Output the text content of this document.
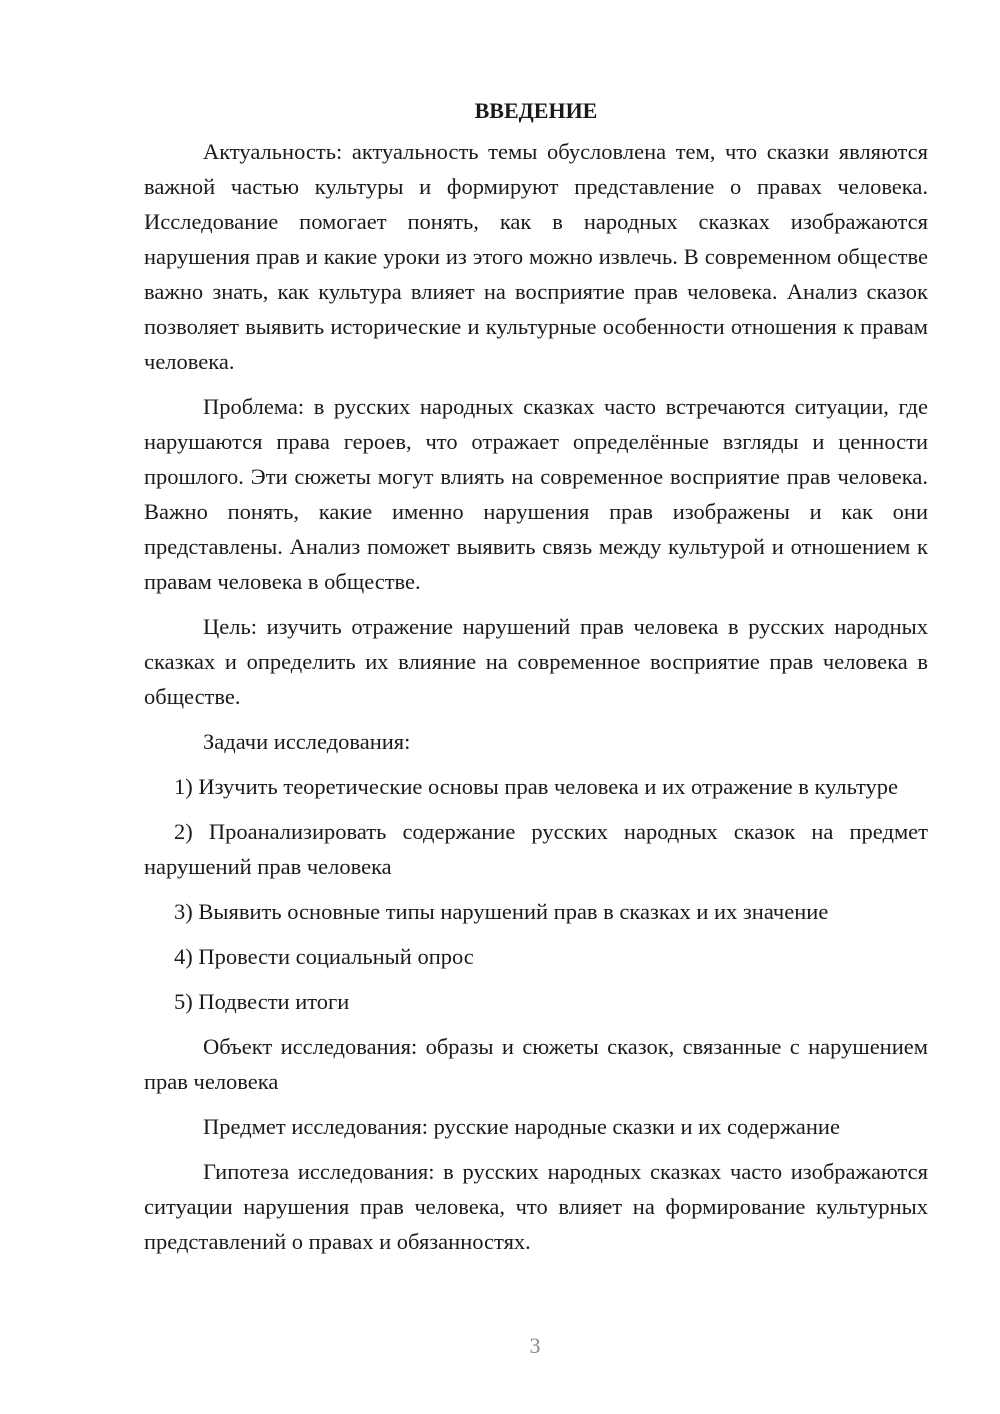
ВВЕДЕНИЕ

Актуальность: актуальность темы обусловлена тем, что сказки являются важной частью культуры и формируют представление о правах человека. Исследование помогает понять, как в народных сказках изображаются нарушения прав и какие уроки из этого можно извлечь. В современном обществе важно знать, как культура влияет на восприятие прав человека. Анализ сказок позволяет выявить исторические и культурные особенности отношения к правам человека.

Проблема: в русских народных сказках часто встречаются ситуации, где нарушаются права героев, что отражает определённые взгляды и ценности прошлого. Эти сюжеты могут влиять на современное восприятие прав человека. Важно понять, какие именно нарушения прав изображены и как они представлены. Анализ поможет выявить связь между культурой и отношением к правам человека в обществе.

Цель: изучить отражение нарушений прав человека в русских народных сказках и определить их влияние на современное восприятие прав человека в обществе.

Задачи исследования:

1) Изучить теоретические основы прав человека и их отражение в культуре

2) Проанализировать содержание русских народных сказок на предмет нарушений прав человека

3) Выявить основные типы нарушений прав в сказках и их значение

4) Провести социальный опрос

5) Подвести итоги

Объект исследования: образы и сюжеты сказок, связанные с нарушением прав человека

Предмет исследования: русские народные сказки и их содержание

Гипотеза исследования: в русских народных сказках часто изображаются ситуации нарушения прав человека, что влияет на формирование культурных представлений о правах и обязанностях.

3
